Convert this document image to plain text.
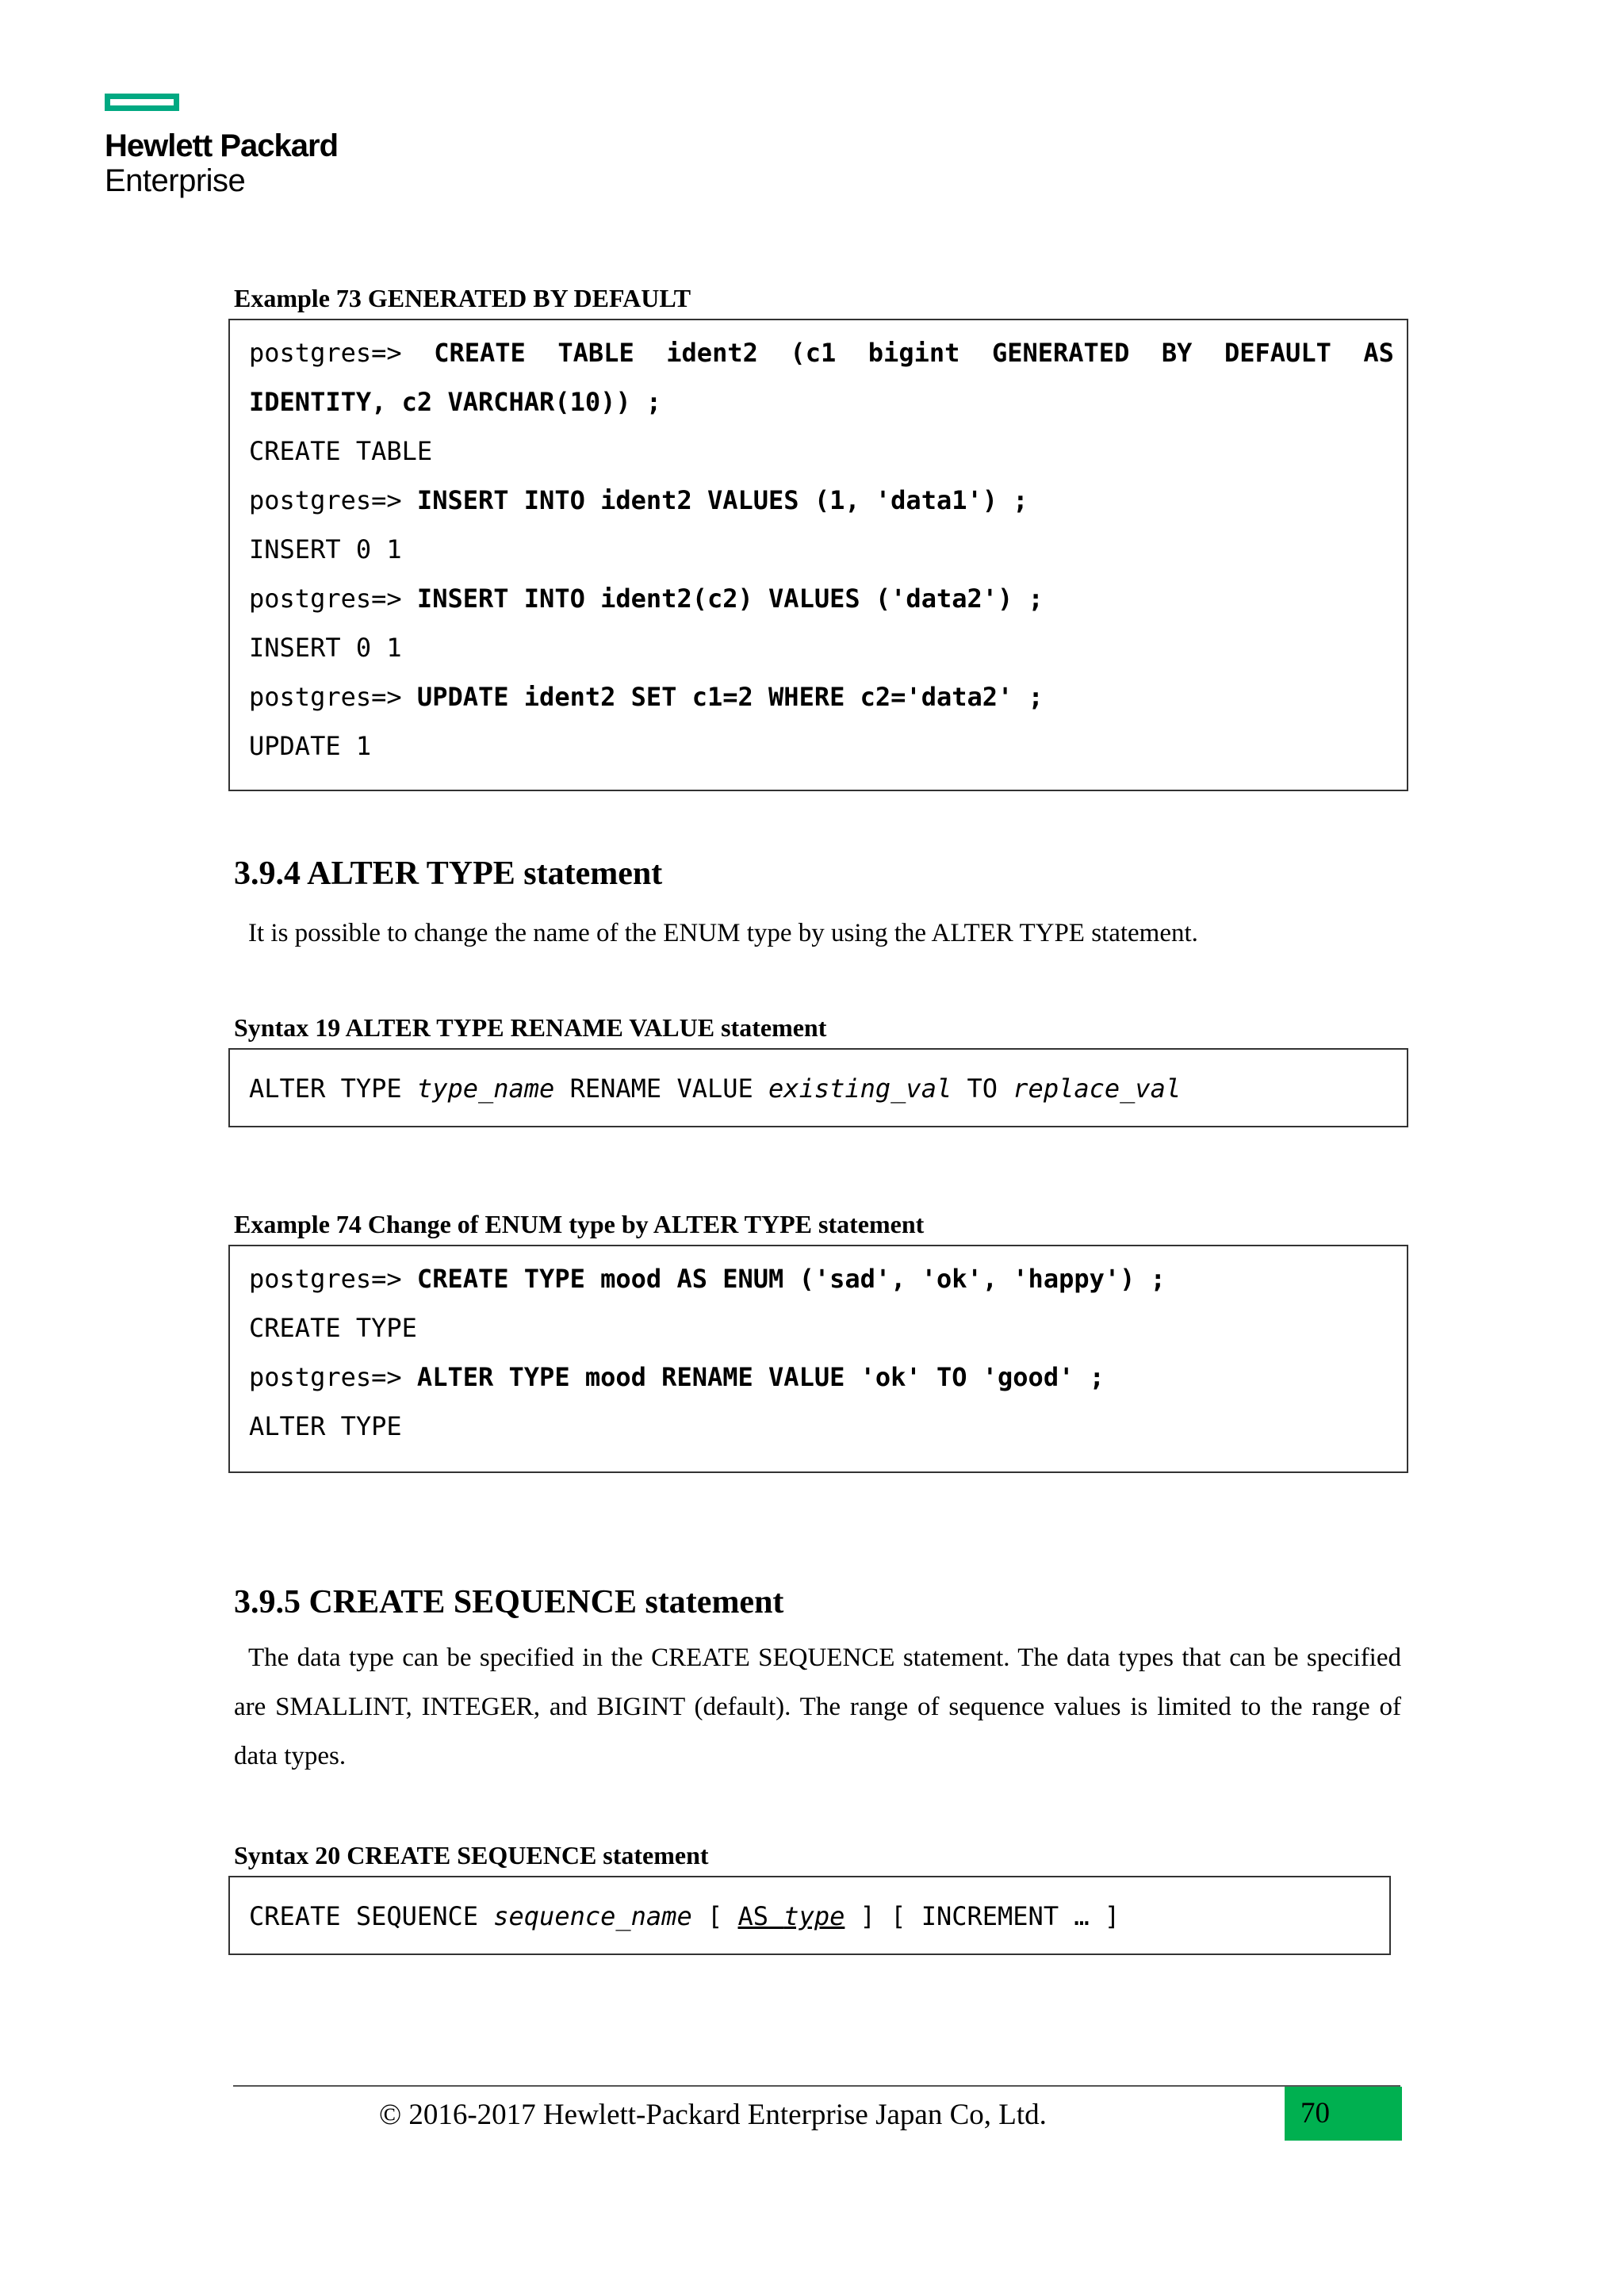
Hewlett Packard
Enterprise
Example 73 GENERATED BY DEFAULT
postgres=> CREATE TABLE ident2 (c1 bigint GENERATED BY DEFAULT AS
IDENTITY, c2 VARCHAR(10)) ;
CREATE TABLE
postgres=> INSERT INTO ident2 VALUES (1, 'data1') ;
INSERT 0 1
postgres=> INSERT INTO ident2(c2) VALUES ('data2') ;
INSERT 0 1
postgres=> UPDATE ident2 SET c1=2 WHERE c2='data2' ;
UPDATE 1
3.9.4 ALTER TYPE statement
It is possible to change the name of the ENUM type by using the ALTER TYPE statement.
Syntax 19 ALTER TYPE RENAME VALUE statement
ALTER TYPE type_name RENAME VALUE existing_val TO replace_val
Example 74 Change of ENUM type by ALTER TYPE statement
postgres=> CREATE TYPE mood AS ENUM ('sad', 'ok', 'happy') ;
CREATE TYPE
postgres=> ALTER TYPE mood RENAME VALUE 'ok' TO 'good' ;
ALTER TYPE
3.9.5 CREATE SEQUENCE statement
The data type can be specified in the CREATE SEQUENCE statement. The data types that can be specified are SMALLINT, INTEGER, and BIGINT (default). The range of sequence values is limited to the range of data types.
Syntax 20 CREATE SEQUENCE statement
CREATE SEQUENCE sequence_name [ AS type ] [ INCREMENT … ]
© 2016-2017 Hewlett-Packard Enterprise Japan Co, Ltd.	70
